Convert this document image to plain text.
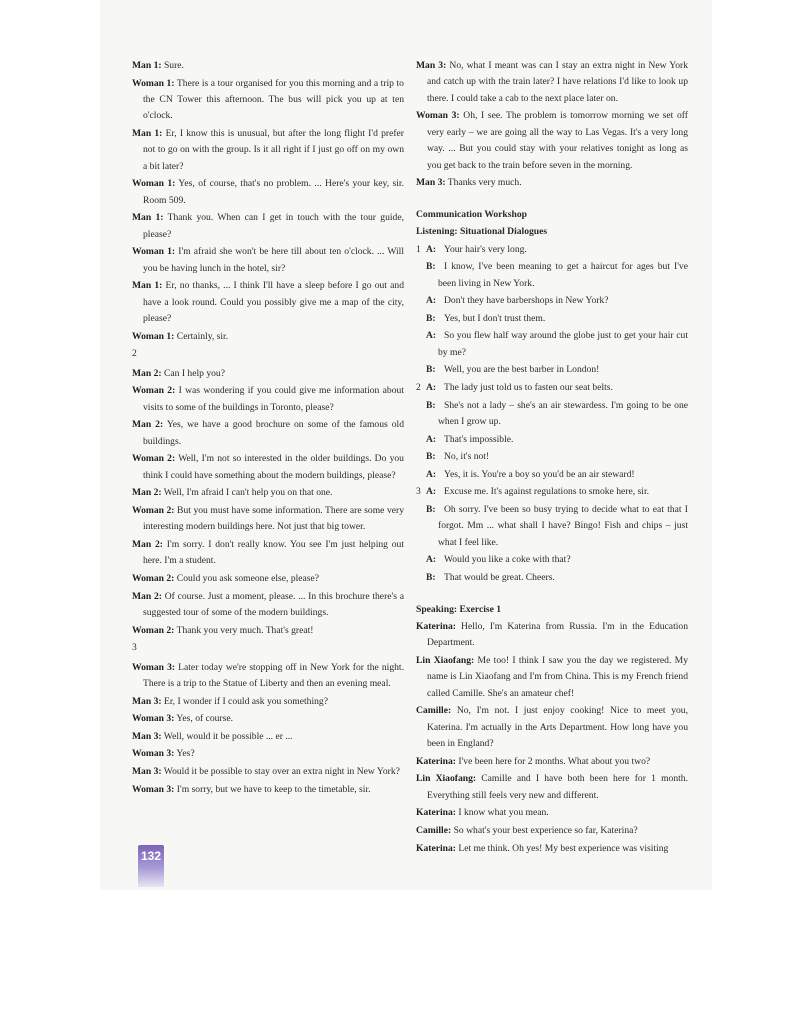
Man 1: Sure.

Woman 1: There is a tour organised for you this morning and a trip to the CN Tower this afternoon. The bus will pick you up at ten o'clock.

Man 1: Er, I know this is unusual, but after the long flight I'd prefer not to go on with the group. Is it all right if I just go off on my own a bit later?

Woman 1: Yes, of course, that's no problem. ... Here's your key, sir. Room 509.

Man 1: Thank you. When can I get in touch with the tour guide, please?

Woman 1: I'm afraid she won't be here till about ten o'clock. ... Will you be having lunch in the hotel, sir?

Man 1: Er, no thanks, ... I think I'll have a sleep before I go out and have a look round. Could you possibly give me a map of the city, please?

Woman 1: Certainly, sir.

2

Man 2: Can I help you?

Woman 2: I was wondering if you could give me information about visits to some of the buildings in Toronto, please?

Man 2: Yes, we have a good brochure on some of the famous old buildings.

Woman 2: Well, I'm not so interested in the older buildings. Do you think I could have something about the modern buildings, please?

Man 2: Well, I'm afraid I can't help you on that one.

Woman 2: But you must have some information. There are some very interesting modern buildings here. Not just that big tower.

Man 2: I'm sorry. I don't really know. You see I'm just helping out here. I'm a student.

Woman 2: Could you ask someone else, please?

Man 2: Of course. Just a moment, please. ... In this brochure there's a suggested tour of some of the modern buildings.

Woman 2: Thank you very much. That's great!

3

Woman 3: Later today we're stopping off in New York for the night. There is a trip to the Statue of Liberty and then an evening meal.

Man 3: Er, I wonder if I could ask you something?

Woman 3: Yes, of course.

Man 3: Well, would it be possible ... er ...

Woman 3: Yes?

Man 3: Would it be possible to stay over an extra night in New York?

Woman 3: I'm sorry, but we have to keep to the timetable, sir.

Man 3: No, what I meant was can I stay an extra night in New York and catch up with the train later? I have relations I'd like to look up there. I could take a cab to the next place later on.

Woman 3: Oh, I see. The problem is tomorrow morning we set off very early – we are going all the way to Las Vegas. It's a very long way. ... But you could stay with your relatives tonight as long as you get back to the train before seven in the morning.

Man 3: Thanks very much.

Communication Workshop
Listening: Situational Dialogues

1 A: Your hair's very long.

B: I know, I've been meaning to get a haircut for ages but I've been living in New York.

A: Don't they have barbershops in New York?

B: Yes, but I don't trust them.

A: So you flew half way around the globe just to get your hair cut by me?

B: Well, you are the best barber in London!

2 A: The lady just told us to fasten our seat belts.

B: She's not a lady – she's an air stewardess. I'm going to be one when I grow up.

A: That's impossible.

B: No, it's not!

A: Yes, it is. You're a boy so you'd be an air steward!

3 A: Excuse me. It's against regulations to smoke here, sir.

B: Oh sorry. I've been so busy trying to decide what to eat that I forgot. Mm ... what shall I have? Bingo! Fish and chips – just what I feel like.

A: Would you like a coke with that?

B: That would be great. Cheers.

Speaking: Exercise 1

Katerina: Hello, I'm Katerina from Russia. I'm in the Education Department.

Lin Xiaofang: Me too! I think I saw you the day we registered. My name is Lin Xiaofang and I'm from China. This is my French friend called Camille. She's an amateur chef!

Camille: No, I'm not. I just enjoy cooking! Nice to meet you, Katerina. I'm actually in the Arts Department. How long have you been in England?

Katerina: I've been here for 2 months. What about you two?

Lin Xiaofang: Camille and I have both been here for 1 month. Everything still feels very new and different.

Katerina: I know what you mean.

Camille: So what's your best experience so far, Katerina?

Katerina: Let me think. Oh yes! My best experience was visiting

132
